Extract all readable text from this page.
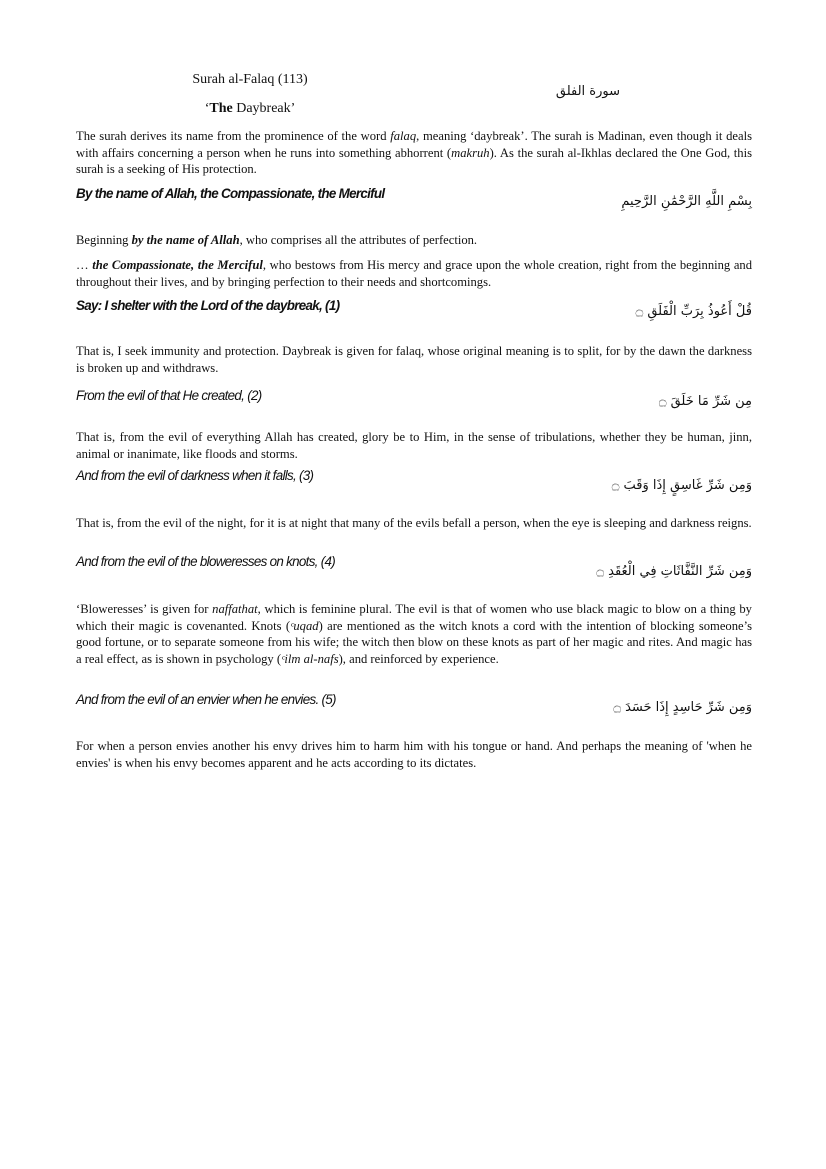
Surah al-Falaq (113)
‘The Daybreak’
سورة الفلق
The surah derives its name from the prominence of the word falaq, meaning ‘daybreak’. The surah is Madinan, even though it deals with affairs concerning a person when he runs into something abhorrent (makruh). As the surah al-Ikhlas declared the One God, this surah is a seeking of His protection.
By the name of Allah, the Compassionate, the Merciful
بِسْمِ اللَّهِ الرَّحْمَٰنِ الرَّحِيمِ
Beginning by the name of Allah, who comprises all the attributes of perfection.
… the Compassionate, the Merciful, who bestows from His mercy and grace upon the whole creation, right from the beginning and throughout their lives, and by bringing perfection to their needs and shortcomings.
Say: I shelter with the Lord of the daybreak, (1)	قُلْ أَعُوذُ بِرَبِّ الْفَلَقِ ۝
That is, I seek immunity and protection. Daybreak is given for falaq, whose original meaning is to split, for by the dawn the darkness is broken up and withdraws.
From the evil of that He created, (2)	مِن شَرِّ مَا خَلَقَ ۝
That is, from the evil of everything Allah has created, glory be to Him, in the sense of tribulations, whether they be human, jinn, animal or inanimate, like floods and storms.
And from the evil of darkness when it falls, (3)
وَمِن شَرِّ غَاسِقٍ إِذَا وَقَبَ ۝
That is, from the evil of the night, for it is at night that many of the evils befall a person, when the eye is sleeping and darkness reigns.
And from the evil of the bloweresses on knots, (4)
وَمِن شَرِّ النَّفَّاثَاتِ فِي الْعُقَدِ ۝
‘Bloweresses’ is given for naffathat, which is feminine plural. The evil is that of women who use black magic to blow on a thing by which their magic is covenanted. Knots (ᶜuqad) are mentioned as the witch knots a cord with the intention of blocking someone’s good fortune, or to separate someone from his wife; the witch then blow on these knots as part of her magic and rites. And magic has a real effect, as is shown in psychology (ᶜilm al-nafs), and reinforced by experience.
And from the evil of an envier when he envies. (5)
وَمِن شَرِّ حَاسِدٍ إِذَا حَسَدَ ۝
For when a person envies another his envy drives him to harm him with his tongue or hand. And perhaps the meaning of 'when he envies' is when his envy becomes apparent and he acts according to its dictates.
